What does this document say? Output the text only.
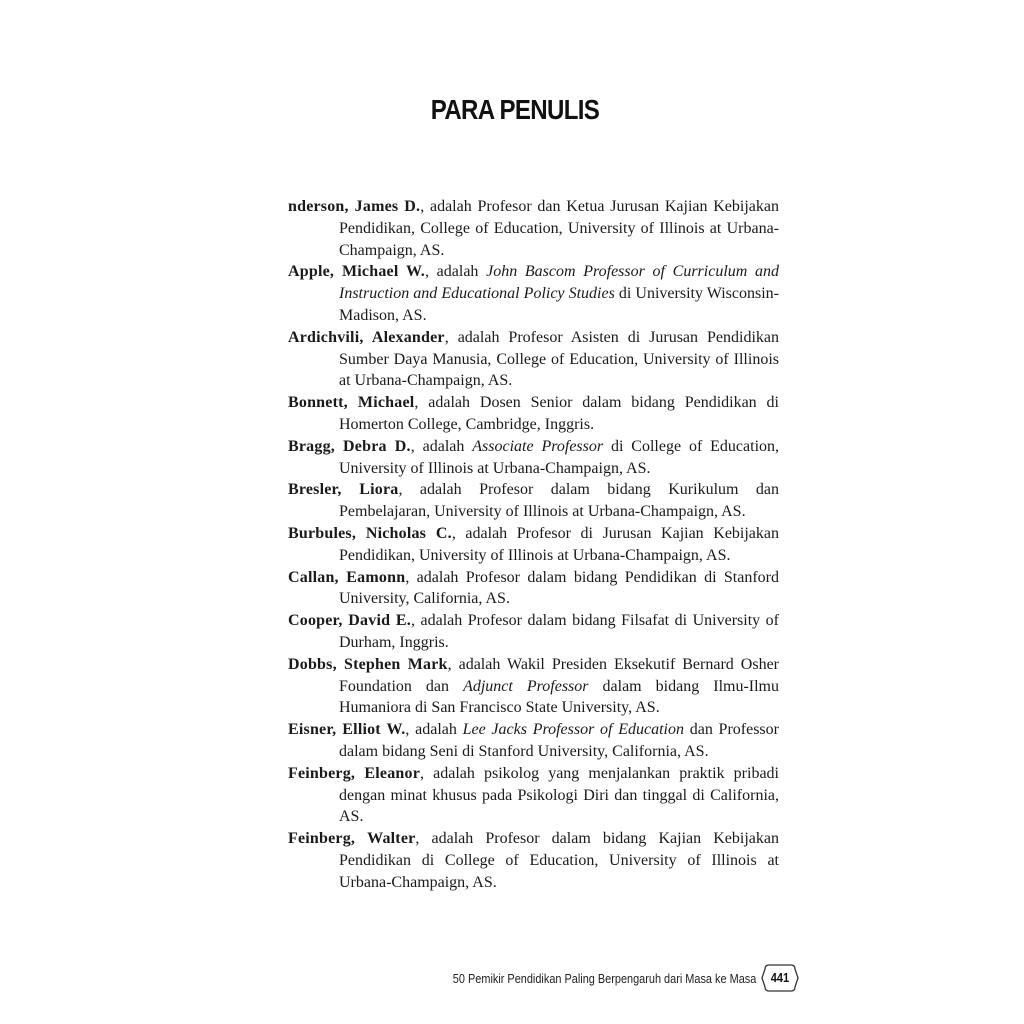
PARA PENULIS

nderson, James D., adalah Profesor dan Ketua Jurusan Kajian Kebijakan Pendidikan, College of Education, University of Illinois at Urbana-Champaign, AS.

Apple, Michael W., adalah John Bascom Professor of Curriculum and Instruction and Educational Policy Studies di University Wisconsin-Madison, AS.

Ardichvili, Alexander, adalah Profesor Asisten di Jurusan Pendidikan Sumber Daya Manusia, College of Education, University of Illinois at Urbana-Champaign, AS.

Bonnett, Michael, adalah Dosen Senior dalam bidang Pendidikan di Homerton College, Cambridge, Inggris.

Bragg, Debra D., adalah Associate Professor di College of Education, University of Illinois at Urbana-Champaign, AS.

Bresler, Liora, adalah Profesor dalam bidang Kurikulum dan Pembelajaran, University of Illinois at Urbana-Champaign, AS.

Burbules, Nicholas C., adalah Profesor di Jurusan Kajian Kebijakan Pendidikan, University of Illinois at Urbana-Champaign, AS.

Callan, Eamonn, adalah Profesor dalam bidang Pendidikan di Stanford University, California, AS.

Cooper, David E., adalah Profesor dalam bidang Filsafat di University of Durham, Inggris.

Dobbs, Stephen Mark, adalah Wakil Presiden Eksekutif Bernard Osher Foundation dan Adjunct Professor dalam bidang Ilmu-Ilmu Humaniora di San Francisco State University, AS.

Eisner, Elliot W., adalah Lee Jacks Professor of Education dan Professor dalam bidang Seni di Stanford University, California, AS.

Feinberg, Eleanor, adalah psikolog yang menjalankan praktik pribadi dengan minat khusus pada Psikologi Diri dan tinggal di California, AS.

Feinberg, Walter, adalah Profesor dalam bidang Kajian Kebijakan Pendidikan di College of Education, University of Illinois at Urbana-Champaign, AS.

50 Pemikir Pendidikan Paling Berpengaruh dari Masa ke Masa	441
